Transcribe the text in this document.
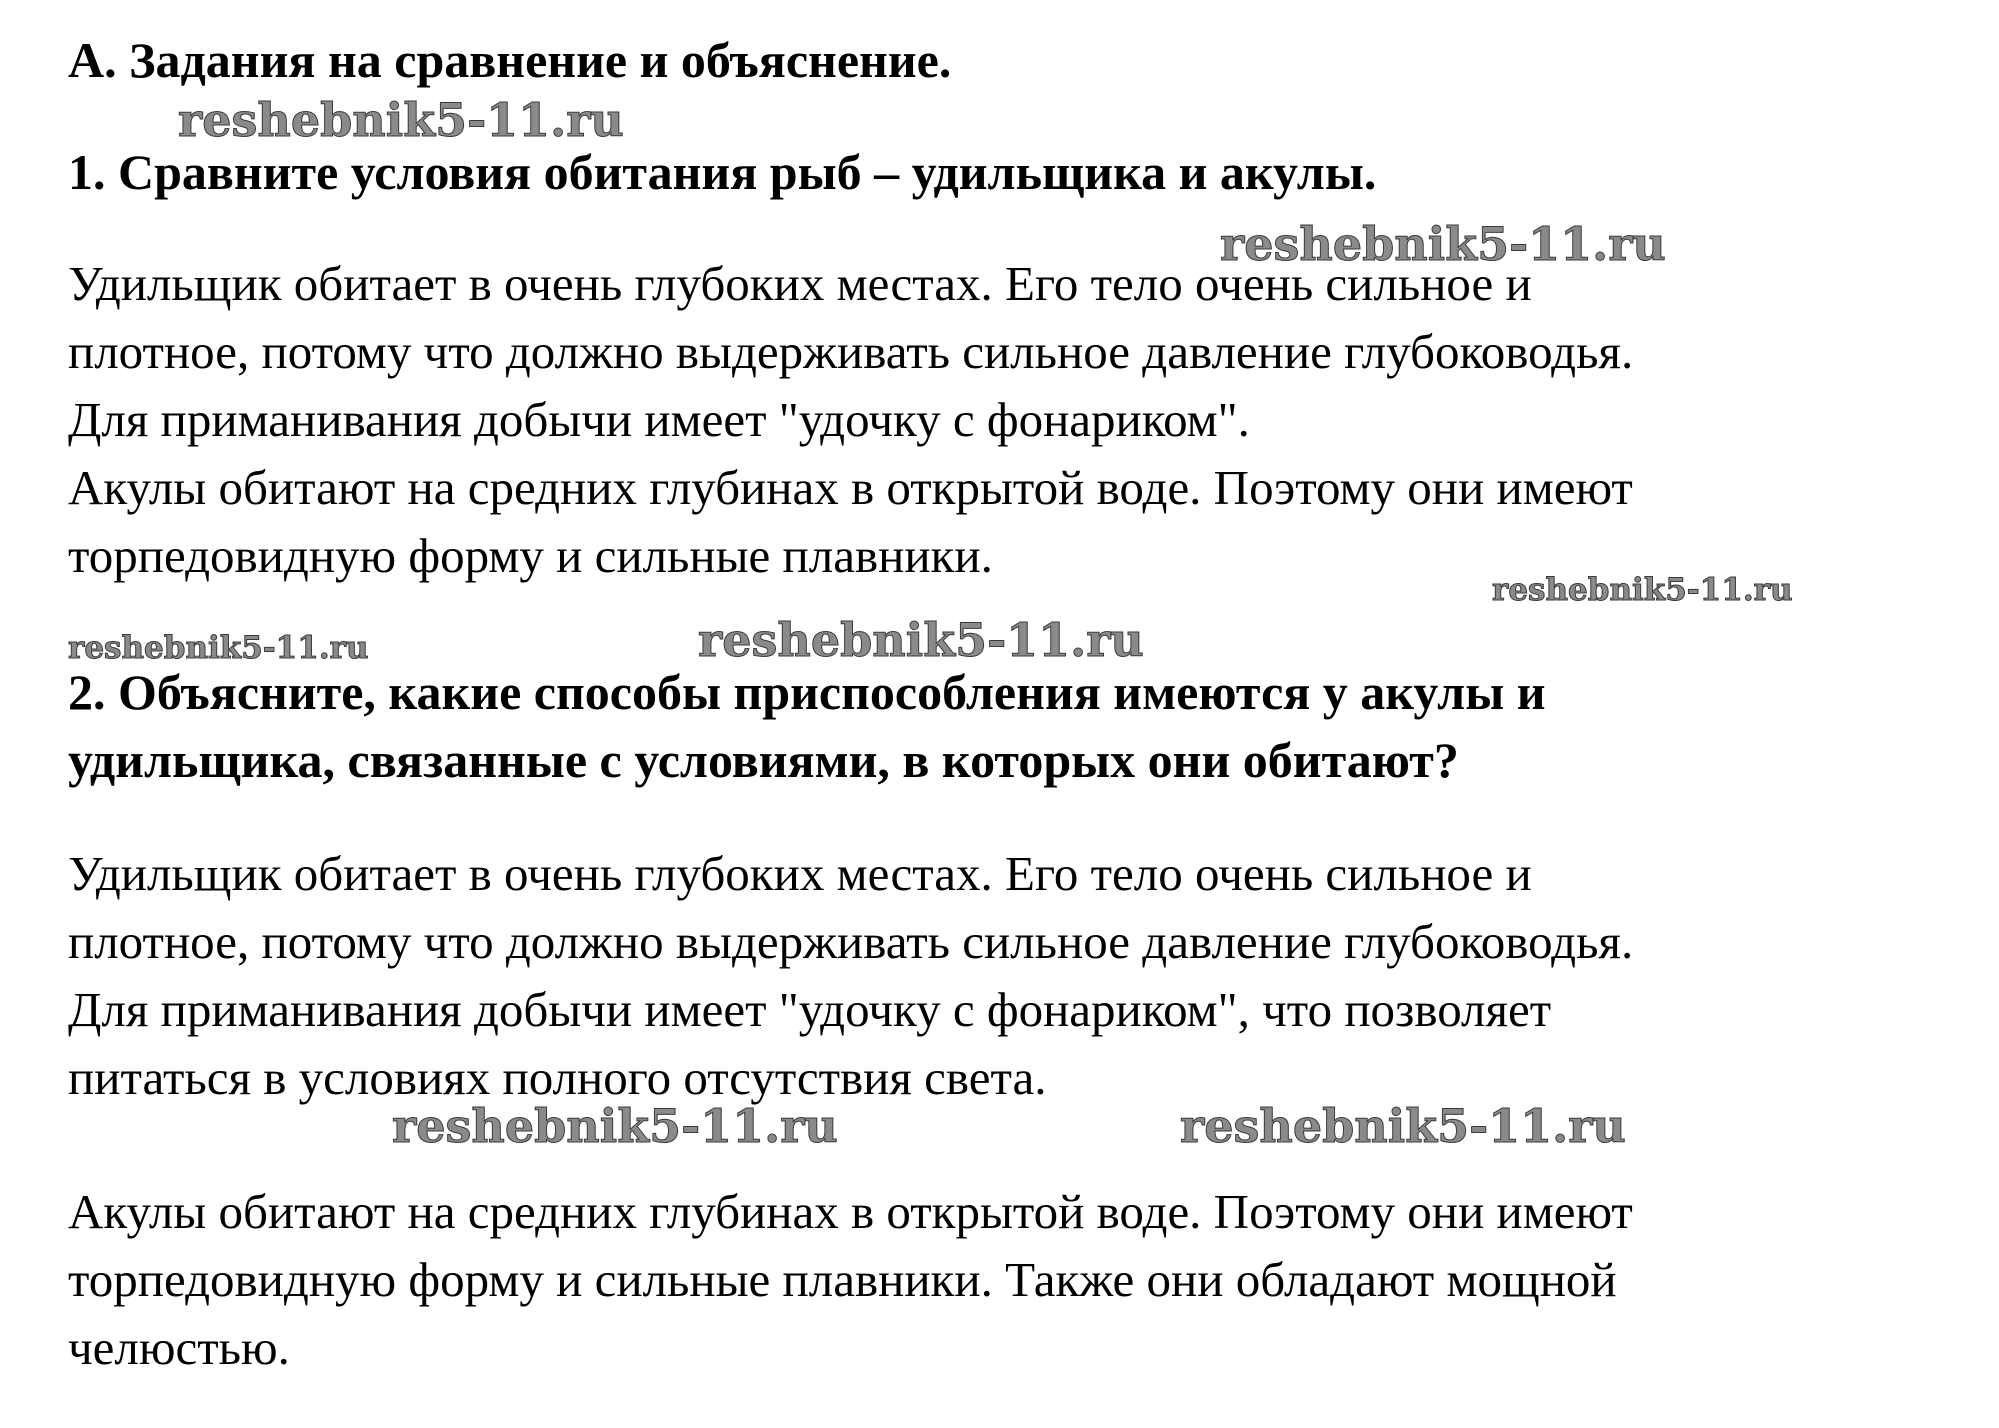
А. Задания на сравнение и объяснение.

reshebnik5-11.ru

1. Сравните условия обитания рыб – удильщика и акулы.

reshebnik5-11.ru

Удильщик обитает в очень глубоких местах. Его тело очень сильное и

плотное, потому что должно выдерживать сильное давление глубоководья.

Для приманивания добычи имеет "удочку с фонариком".

Акулы обитают на средних глубинах в открытой воде. Поэтому они имеют

торпедовидную форму и сильные плавники.

reshebnik5-11.ru
reshebnik5-11.ru	reshebnik5-11.ru

2. Объясните, какие способы приспособления имеются у акулы и

удильщика, связанные с условиями, в которых они обитают?

Удильщик обитает в очень глубоких местах. Его тело очень сильное и

плотное, потому что должно выдерживать сильное давление глубоководья.

Для приманивания добычи имеет "удочку с фонариком", что позволяет

питаться в условиях полного отсутствия света.

reshebnik5-11.ru	reshebnik5-11.ru

Акулы обитают на средних глубинах в открытой воде. Поэтому они имеют

торпедовидную форму и сильные плавники. Также они обладают мощной

челюстью.
